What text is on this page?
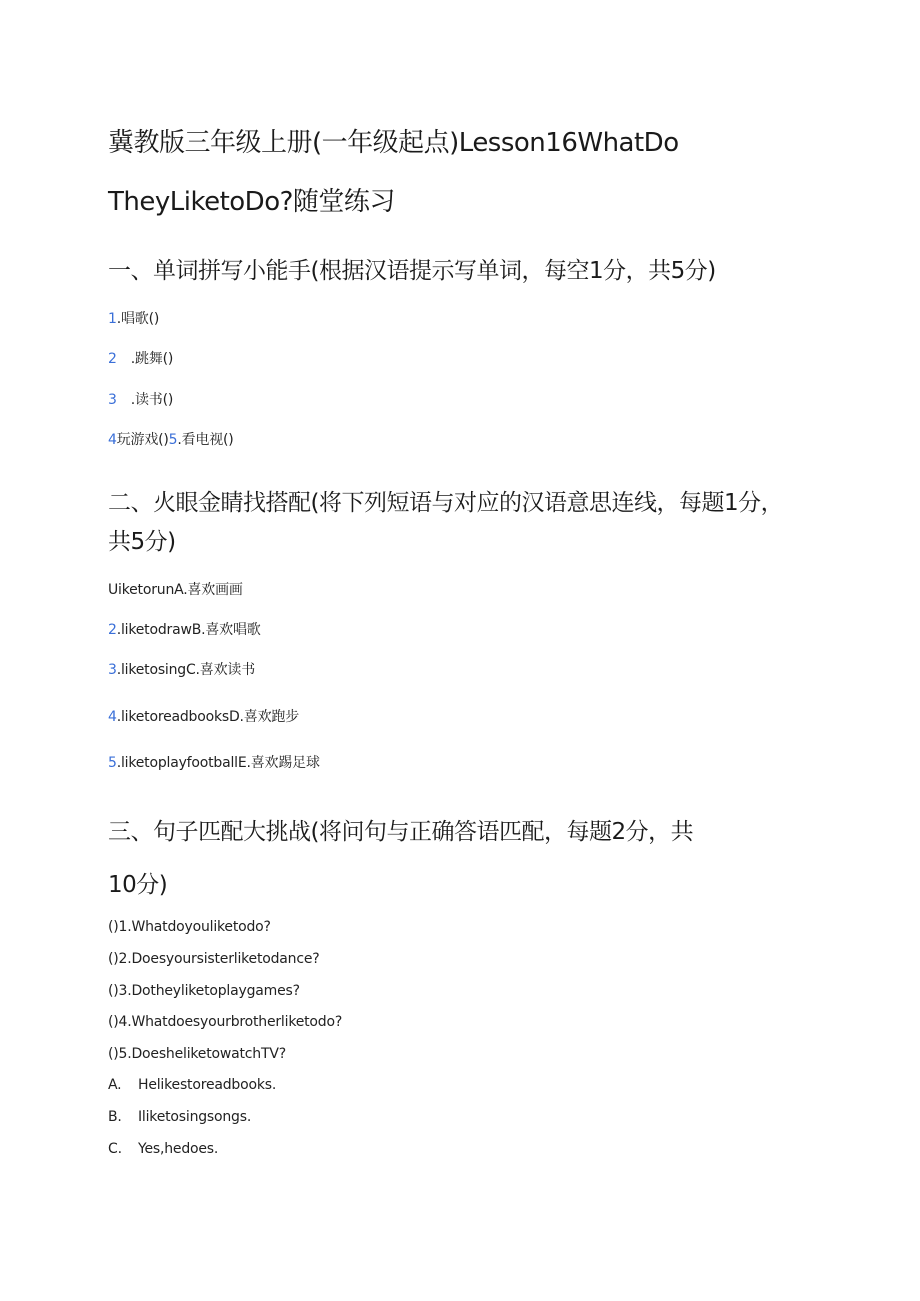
冀教版三年级上册(一年级起点)Lesson16WhatDo
TheyLiketoDo?随堂练习
一、单词拼写小能手(根据汉语提示写单词，每空1分，共5分)
1.唱歌()
2 .跳舞()
3 .读书()
4玩游戏()5.看电视()
二、火眼金睛找搭配(将下列短语与对应的汉语意思连线，每题1分，
共5分)
UiketorunA.喜欢画画
2.liketodrawB.喜欢唱歌
3.liketosingC.喜欢读书
4.liketoreadbooksD.喜欢跑步
5.liketoplayfootballE.喜欢踢足球
三、句子匹配大挑战(将问句与正确答语匹配，每题2分，共
10分)
()1.Whatdoyouliketodo?
()2.Doesyoursisterliketodance?
()3.Dotheyliketoplaygames?
()4.Whatdoesyourbrotherliketodo?
()5.DoesheliketowatchTV?
A. Helikestoreadbooks.
B. Iliketosingsongs.
C. Yes,hedoes.
